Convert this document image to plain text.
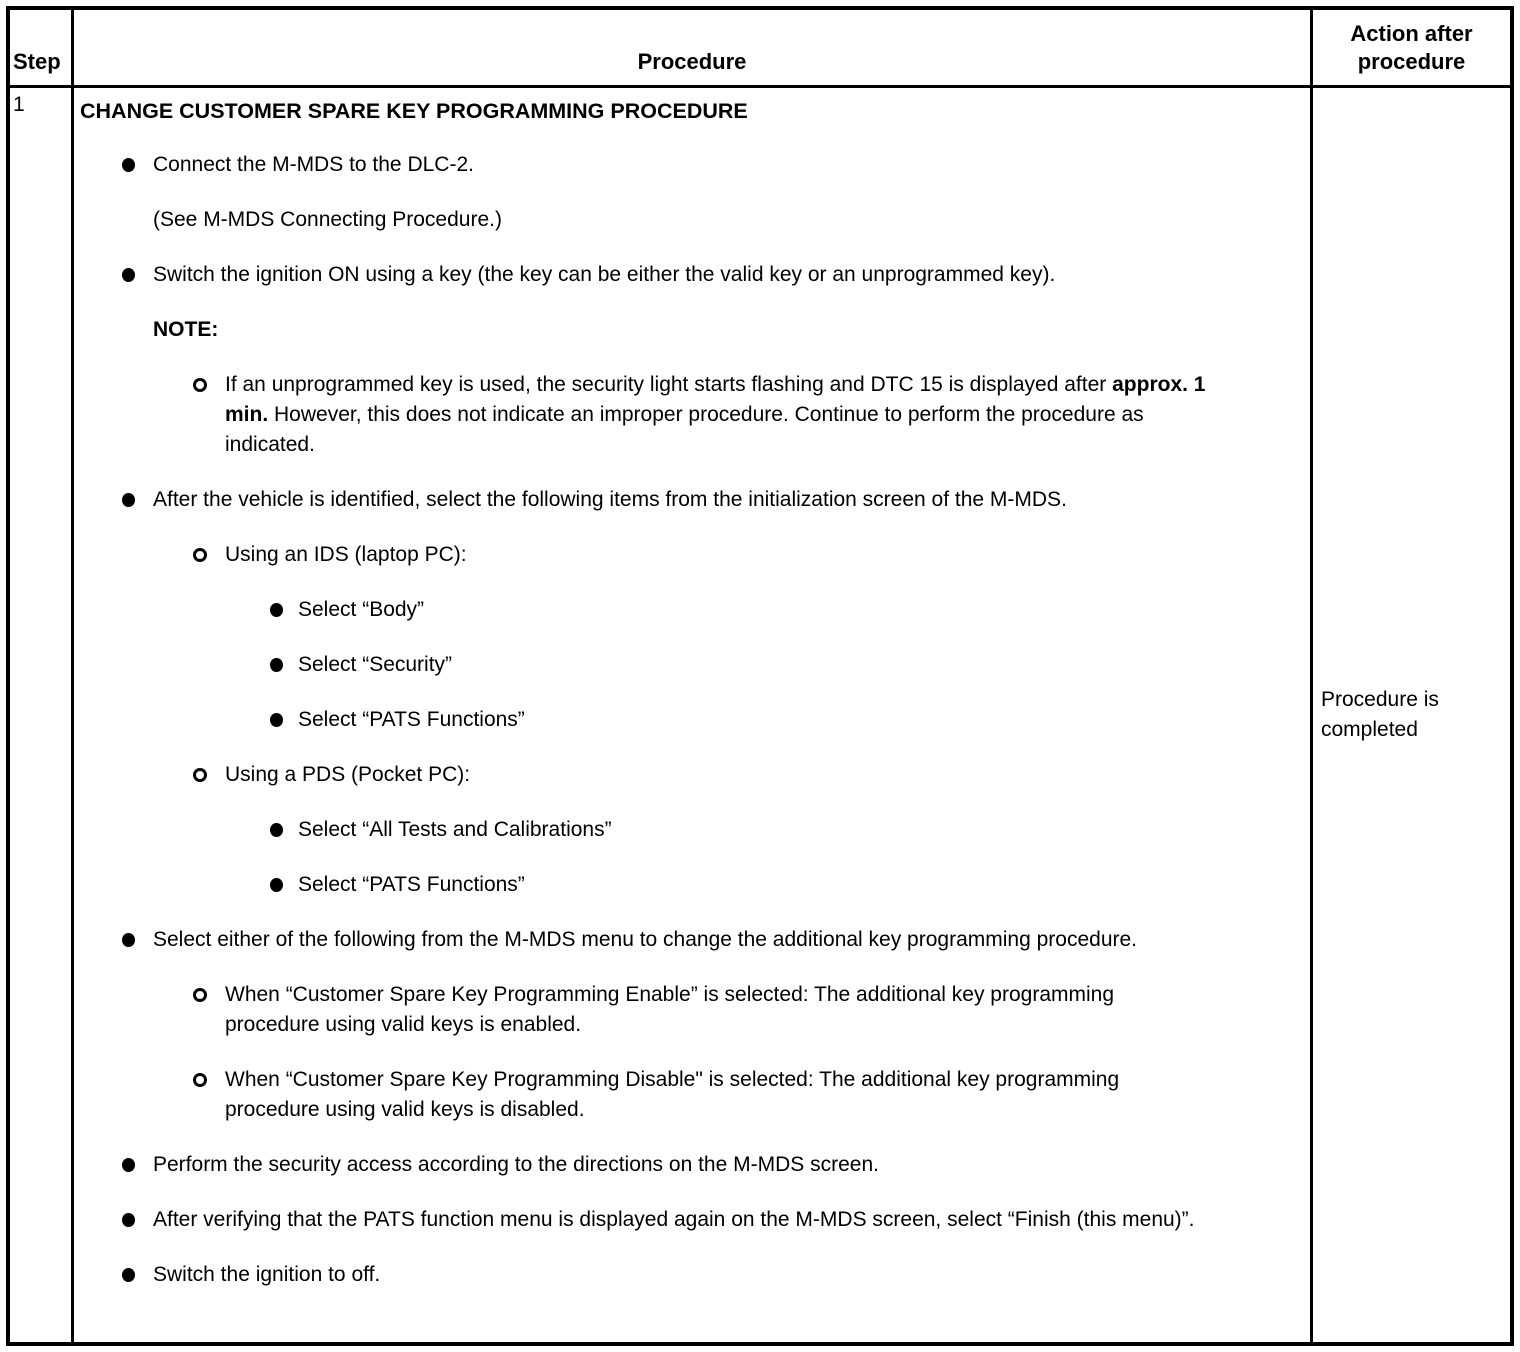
Step	Procedure
Action after procedure
1	CHANGE CUSTOMER SPARE KEY PROGRAMMING PROCEDURE
Connect the M-MDS to the DLC-2.
(See M-MDS Connecting Procedure.)
Switch the ignition ON using a key (the key can be either the valid key or an unprogrammed key).
NOTE:
If an unprogrammed key is used, the security light starts flashing and DTC 15 is displayed after approx. 1 min. However, this does not indicate an improper procedure. Continue to perform the procedure as indicated.
After the vehicle is identified, select the following items from the initialization screen of the M-MDS.
Using an IDS (laptop PC):
Select “Body”
Select “Security”
Select “PATS Functions”
Using a PDS (Pocket PC):
Select “All Tests and Calibrations”
Select “PATS Functions”
Select either of the following from the M-MDS menu to change the additional key programming procedure.
When “Customer Spare Key Programming Enable” is selected: The additional key programming procedure using valid keys is enabled.
When “Customer Spare Key Programming Disable" is selected: The additional key programming procedure using valid keys is disabled.
Perform the security access according to the directions on the M-MDS screen.
After verifying that the PATS function menu is displayed again on the M-MDS screen, select “Finish (this menu)”.
Switch the ignition to off.
Procedure is completed
